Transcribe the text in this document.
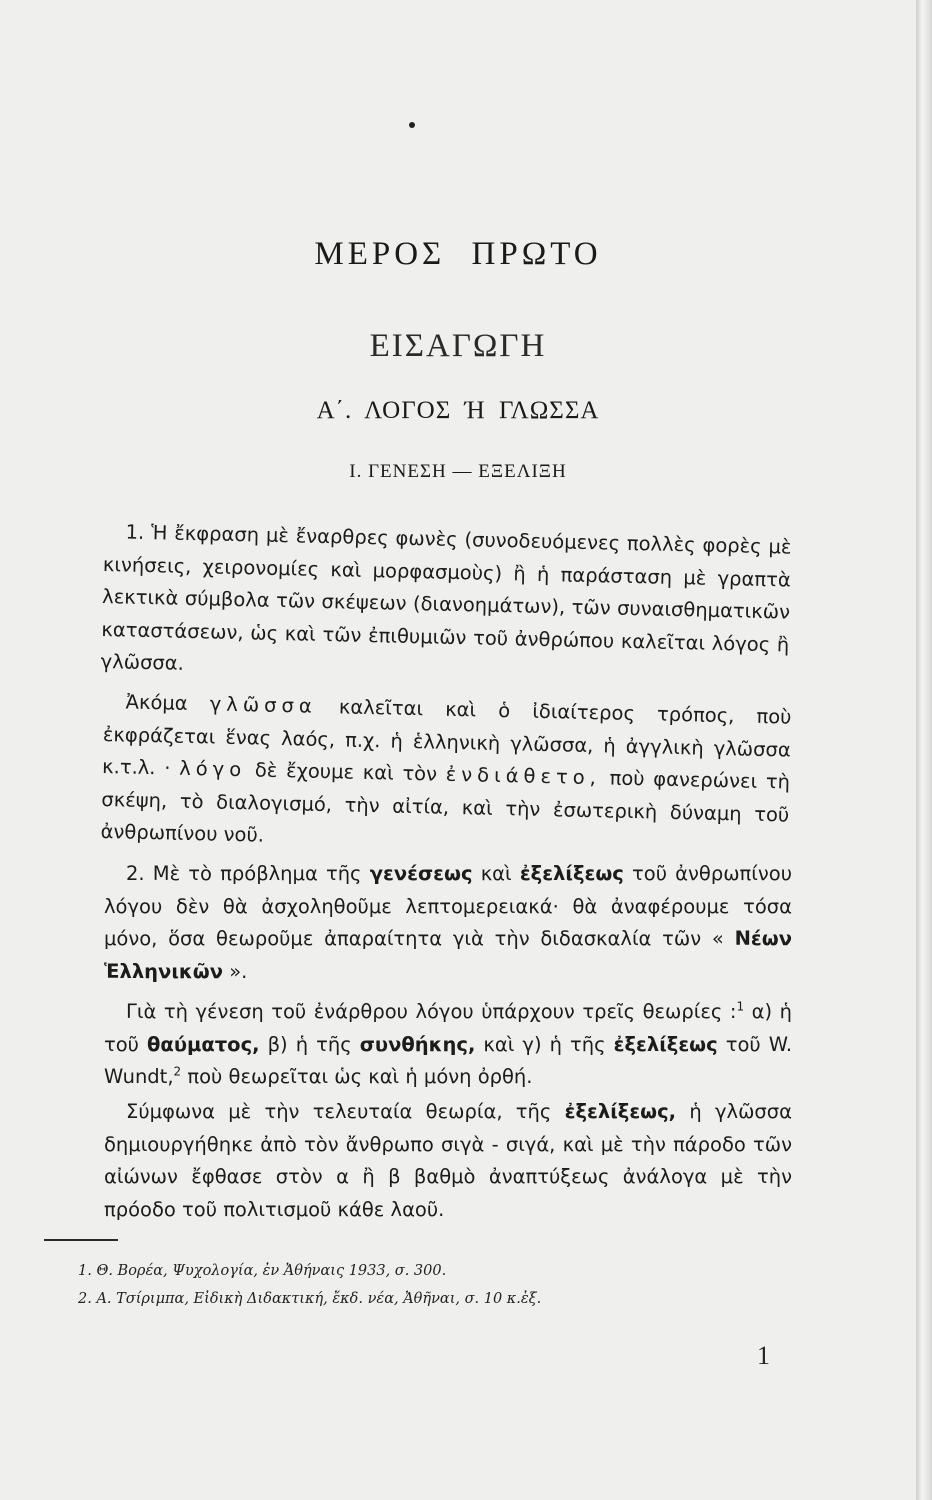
ΜΕΡΟΣ ΠΡΩΤΟ
ΕΙΣΑΓΩΓΗ
Α΄. ΛΟΓΟΣ Ή ΓΛΩΣΣΑ
Ι. ΓΕΝΕΣΗ — ΕΞΕΛΙΞΗ

1. Ἡ ἔκφραση μὲ ἔναρθρες φωνὲς (συνοδευόμενες πολλὲς φορὲς μὲ κινήσεις, χειρονομίες καὶ μορφασμοὺς) ἢ ἡ παράσταση μὲ γραπτὰ λεκτικὰ σύμβολα τῶν σκέψεων (διανοημάτων), τῶν συναισθηματικῶν καταστάσεων, ὡς καὶ τῶν ἐπιθυμιῶν τοῦ ἀνθρώπου καλεῖται λόγος ἢ γλῶσσα.

Ἀκόμα γλῶσσα καλεῖται καὶ ὁ ἰδιαίτερος τρόπος, ποὺ ἐκφράζεται ἕνας λαός, π.χ. ἡ ἑλληνικὴ γλῶσσα, ἡ ἀγγλικὴ γλῶσσα κ.τ.λ. · λόγο δὲ ἔχουμε καὶ τὸν ἐνδιάθετο, ποὺ φανερώνει τὴ σκέψη, τὸ διαλογισμό, τὴν αἰτία, καὶ τὴν ἐσωτερικὴ δύναμη τοῦ ἀνθρωπίνου νοῦ.

2. Μὲ τὸ πρόβλημα τῆς γενέσεως καὶ ἐξελίξεως τοῦ ἀνθρωπίνου λόγου δὲν θὰ ἀσχοληθοῦμε λεπτομερειακά· θὰ ἀναφέρουμε τόσα μόνο, ὅσα θεωροῦμε ἀπαραίτητα γιὰ τὴν διδασκαλία τῶν « Νέων Ἑλληνικῶν ».

Γιὰ τὴ γένεση τοῦ ἐνάρθρου λόγου ὑπάρχουν τρεῖς θεωρίες :$^1$ α) ἡ τοῦ θαύματος, β) ἡ τῆς συνθήκης, καὶ γ) ἡ τῆς ἐξελίξεως τοῦ W. Wundt,$^2$ ποὺ θεωρεῖται ὡς καὶ ἡ μόνη ὀρθή.

Σύμφωνα μὲ τὴν τελευταία θεωρία, τῆς ἐξελίξεως, ἡ γλῶσσα δημιουργήθηκε ἀπὸ τὸν ἄνθρωπο σιγὰ - σιγά, καὶ μὲ τὴν πάροδο τῶν αἰώνων ἔφθασε στὸν α ἢ β βαθμὸ ἀναπτύξεως ἀνάλογα μὲ τὴν πρόοδο τοῦ πολιτισμοῦ κάθε λαοῦ.

1. Θ. Βορέα, Ψυχολογία, ἐν Ἀθήναις 1933, σ. 300.
2. Α. Τσίριμπα, Εἰδικὴ Διδακτική, ἔκδ. νέα, Ἀθῆναι, σ. 10 κ.ἑξ.
1
